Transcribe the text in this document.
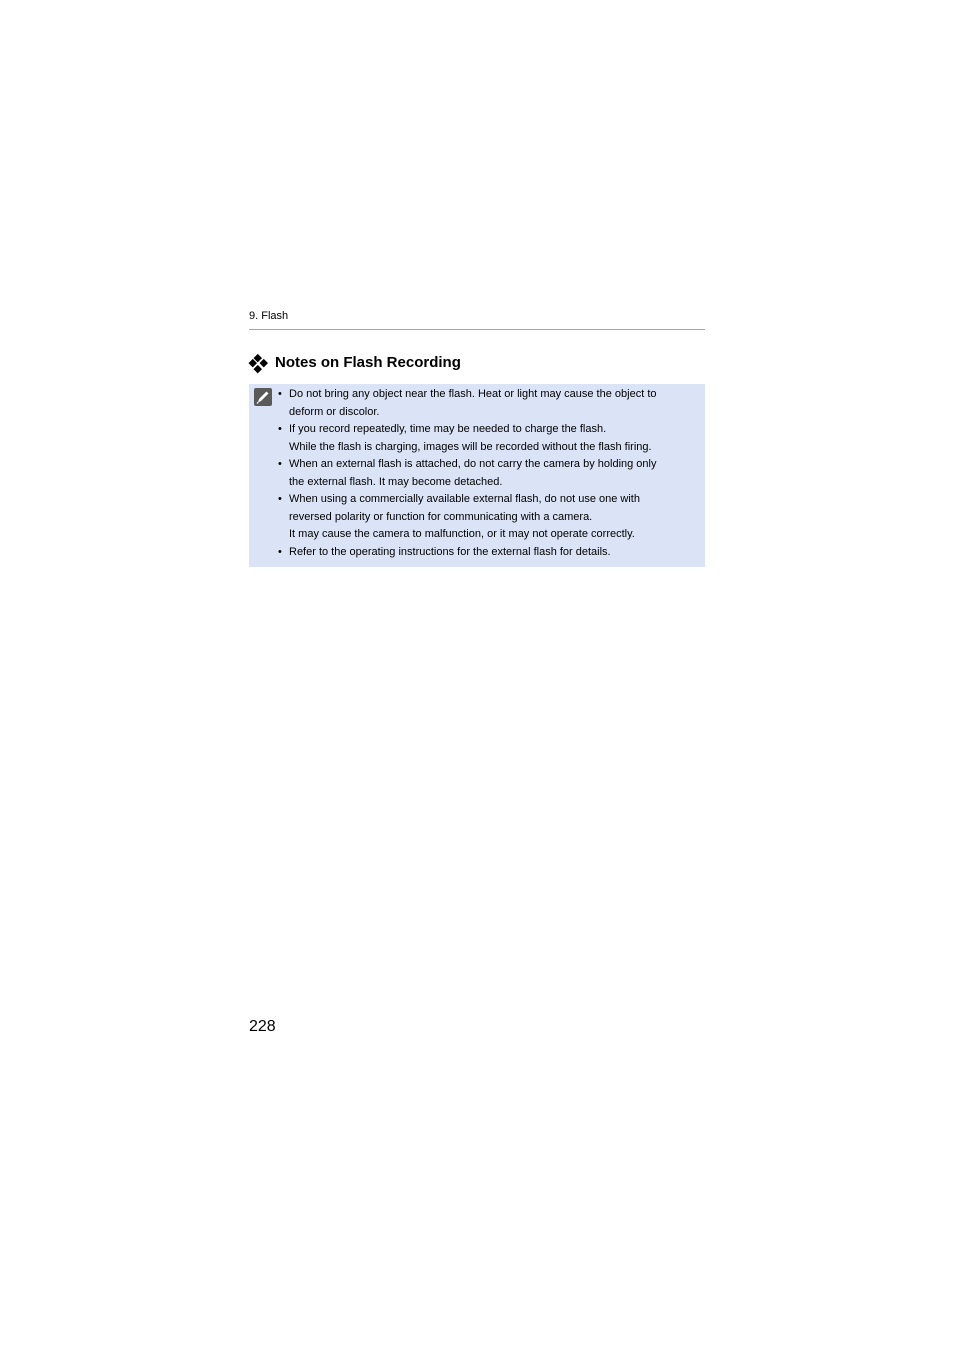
9. Flash
Notes on Flash Recording
• Do not bring any object near the flash. Heat or light may cause the object to
deform or discolor.
• If you record repeatedly, time may be needed to charge the flash.
While the flash is charging, images will be recorded without the flash firing.
• When an external flash is attached, do not carry the camera by holding only
the external flash. It may become detached.
• When using a commercially available external flash, do not use one with
reversed polarity or function for communicating with a camera.
It may cause the camera to malfunction, or it may not operate correctly.
• Refer to the operating instructions for the external flash for details.
228
